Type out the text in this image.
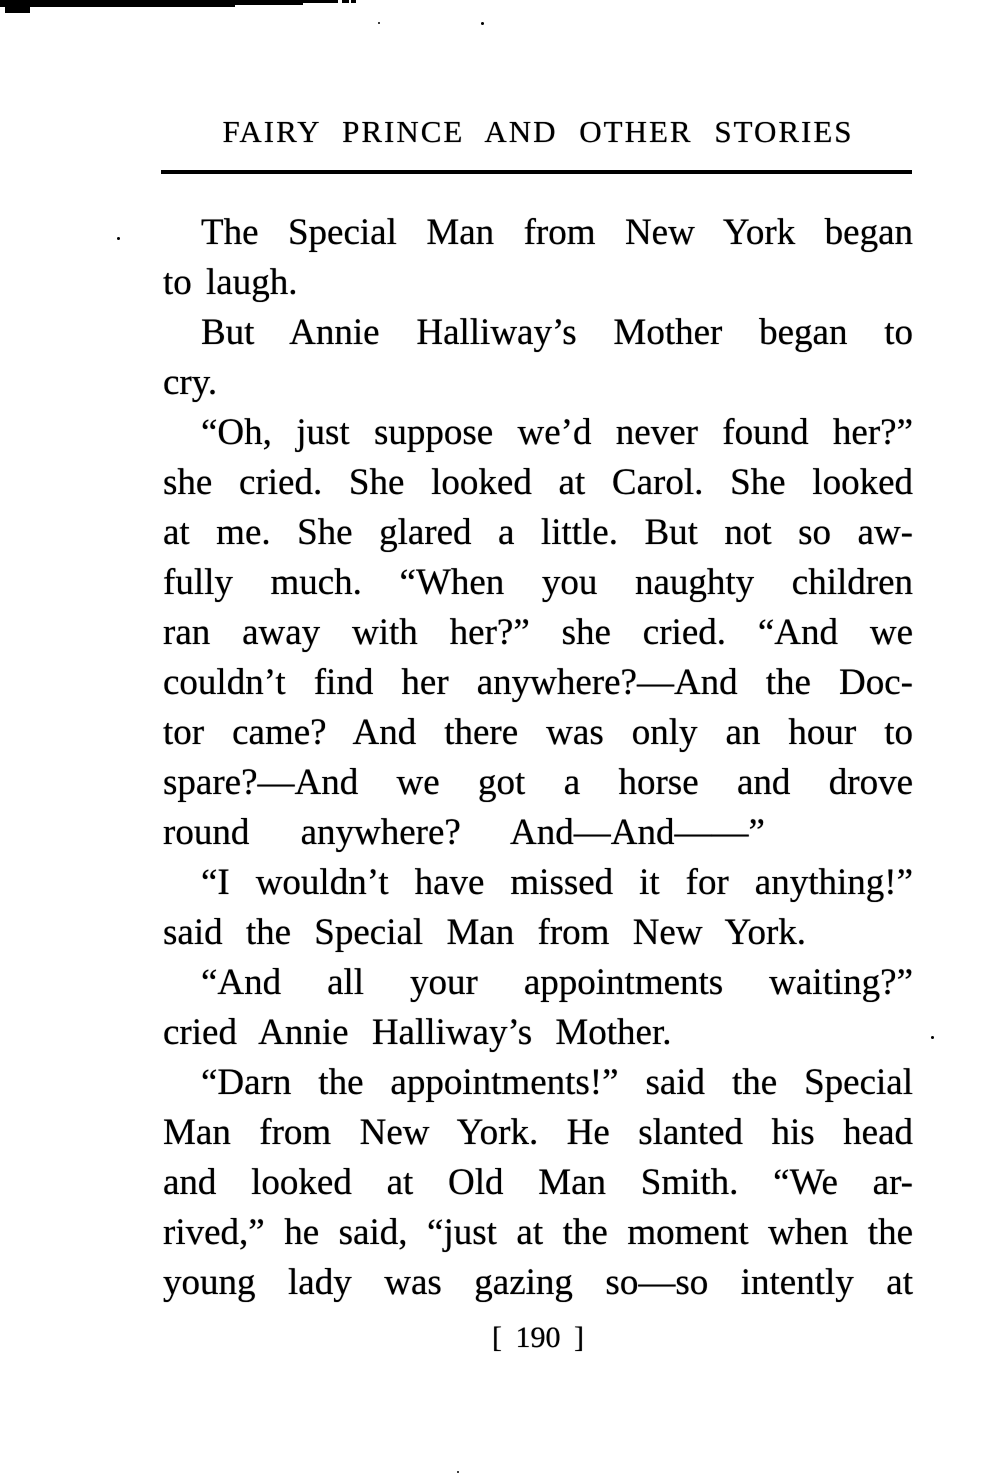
FAIRY PRINCE AND OTHER STORIES
The Special Man from New York began
to laugh.
But Annie Halliway’s Mother began to
cry.
“Oh, just suppose we’d never found her?”
she cried. She looked at Carol. She looked
at me. She glared a little. But not so aw-
fully much. “When you naughty children
ran away with her?” she cried. “And we
couldn’t find her anywhere?—And the Doc-
tor came? And there was only an hour to
spare?—And we got a horse and drove
round anywhere? And—And——”
“I wouldn’t have missed it for anything!”
said the Special Man from New York.
“And all your appointments waiting?”
cried Annie Halliway’s Mother.
“Darn the appointments!” said the Special
Man from New York. He slanted his head
and looked at Old Man Smith. “We ar-
rived,” he said, “just at the moment when the
young lady was gazing so—so intently at
[ 190 ]
